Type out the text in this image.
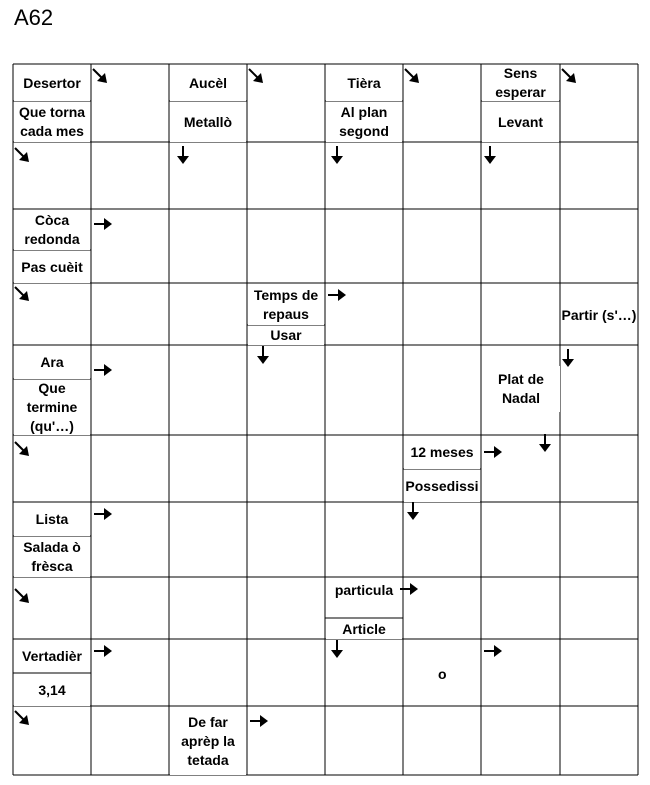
A62
Desertor
Que torna cada mes
Aucèl
Metallò
Tièra
Al plan segond
Sens esperar
Levant
Còca redonda
Pas cuèit
Temps de repaus
Usar
Partir (s'…)
Ara
Que termine (qu'…)
Plat de Nadal
12 meses
Possedissi
Lista
Salada ò frèsca
particula
Article
Vertadièr
3,14
De far aprèp la tetada
o
